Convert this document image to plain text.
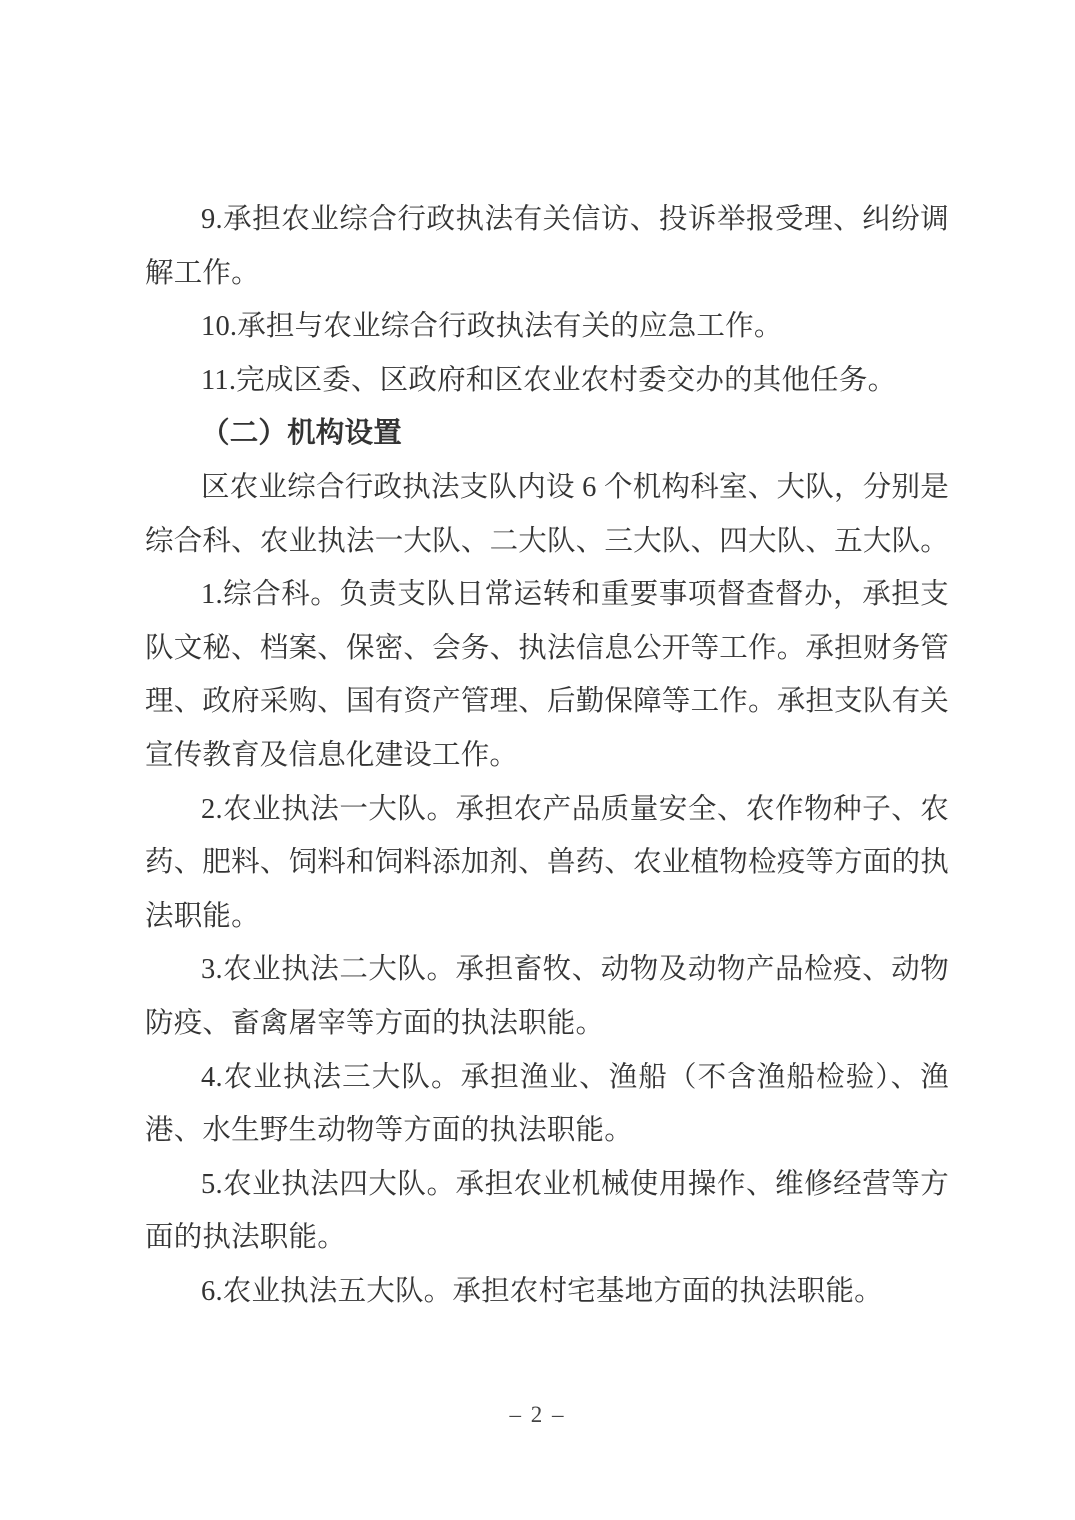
9.承担农业综合行政执法有关信访、投诉举报受理、纠纷调
解工作。
10.承担与农业综合行政执法有关的应急工作。
11.完成区委、区政府和区农业农村委交办的其他任务。
（二）机构设置
区农业综合行政执法支队内设 6 个机构科室、大队，分别是
综合科、农业执法一大队、二大队、三大队、四大队、五大队。
1.综合科。负责支队日常运转和重要事项督查督办，承担支
队文秘、档案、保密、会务、执法信息公开等工作。承担财务管
理、政府采购、国有资产管理、后勤保障等工作。承担支队有关
宣传教育及信息化建设工作。
2.农业执法一大队。承担农产品质量安全、农作物种子、农
药、肥料、饲料和饲料添加剂、兽药、农业植物检疫等方面的执
法职能。
3.农业执法二大队。承担畜牧、动物及动物产品检疫、动物
防疫、畜禽屠宰等方面的执法职能。
4.农业执法三大队。承担渔业、渔船（不含渔船检验）、渔
港、水生野生动物等方面的执法职能。
5.农业执法四大队。承担农业机械使用操作、维修经营等方
面的执法职能。
6.农业执法五大队。承担农村宅基地方面的执法职能。
– 2 –
